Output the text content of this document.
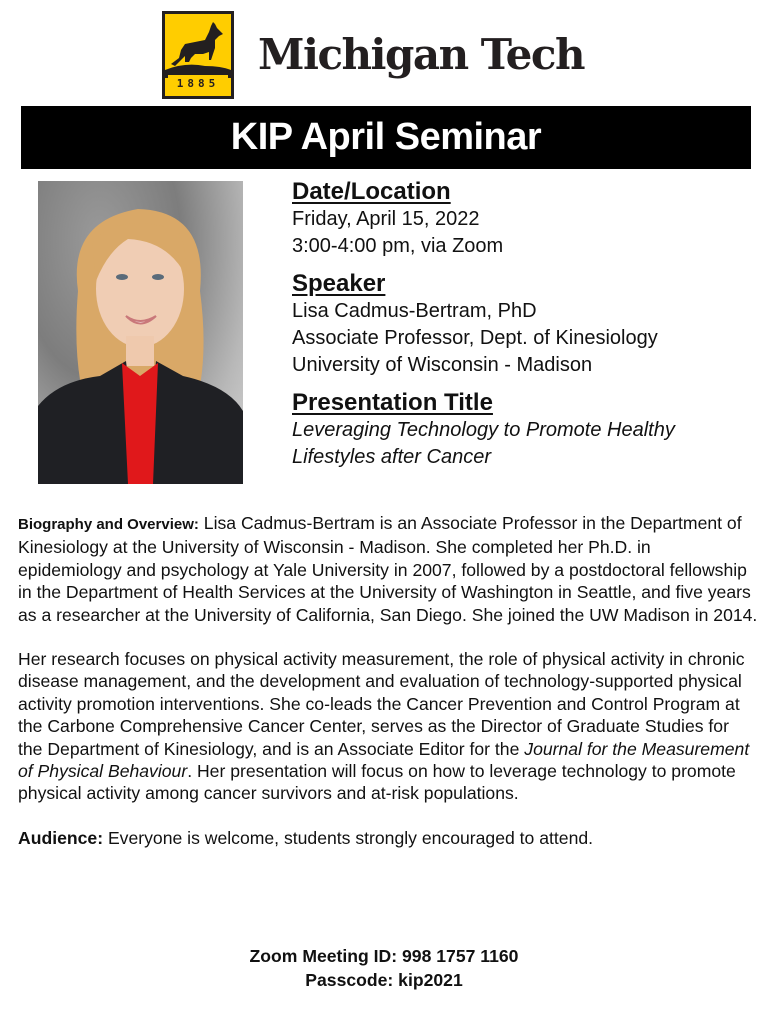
1885
Michigan Tech
KIP April Seminar
Date/Location
Friday, April 15, 2022
3:00-4:00 pm, via Zoom
Speaker
Lisa Cadmus-Bertram, PhD
Associate Professor, Dept. of Kinesiology
University of Wisconsin - Madison
Presentation Title
Leveraging Technology to Promote Healthy Lifestyles after Cancer

Biography and Overview: Lisa Cadmus-Bertram is an Associate Professor in the Department of Kinesiology at the University of Wisconsin - Madison. She completed her Ph.D. in epidemiology and psychology at Yale University in 2007, followed by a postdoctoral fellowship in the Department of Health Services at the University of Washington in Seattle, and five years as a researcher at the University of California, San Diego. She joined the UW Madison in 2014.

Her research focuses on physical activity measurement, the role of physical activity in chronic disease management, and the development and evaluation of technology-supported physical activity promotion interventions. She co-leads the Cancer Prevention and Control Program at the Carbone Comprehensive Cancer Center, serves as the Director of Graduate Studies for the Department of Kinesiology, and is an Associate Editor for the Journal for the Measurement of Physical Behaviour. Her presentation will focus on how to leverage technology to promote physical activity among cancer survivors and at-risk populations.

Audience: Everyone is welcome, students strongly encouraged to attend.

Zoom Meeting ID: 998 1757 1160
Passcode: kip2021
